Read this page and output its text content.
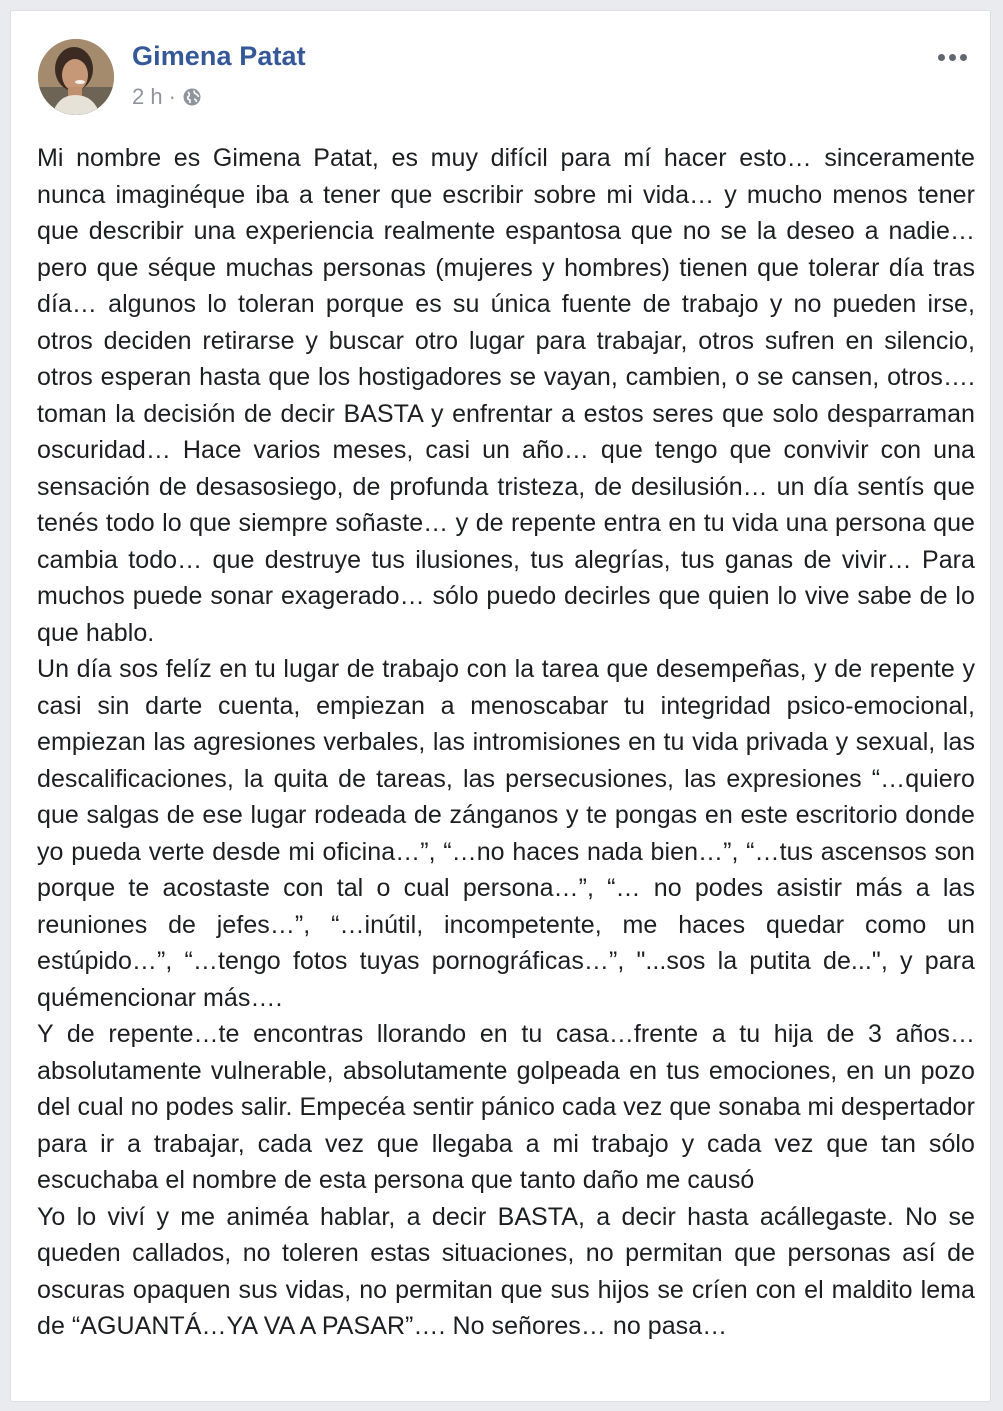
Gimena Patat
2 h ·

Mi nombre es Gimena Patat, es muy difícil para mí hacer esto… sinceramente nunca imaginéque iba a tener que escribir sobre mi vida… y mucho menos tener que describir una experiencia realmente espantosa que no se la deseo a nadie… pero que séque muchas personas (mujeres y hombres) tienen que tolerar día tras día… algunos lo toleran porque es su única fuente de trabajo y no pueden irse, otros deciden retirarse y buscar otro lugar para trabajar, otros sufren en silencio, otros esperan hasta que los hostigadores se vayan, cambien, o se cansen, otros…. toman la decisión de decir BASTA y enfrentar a estos seres que solo desparraman oscuridad… Hace varios meses, casi un año… que tengo que convivir con una sensación de desasosiego, de profunda tristeza, de desilusión… un día sentís que tenés todo lo que siempre soñaste… y de repente entra en tu vida una persona que cambia todo… que destruye tus ilusiones, tus alegrías, tus ganas de vivir… Para muchos puede sonar exagerado… sólo puedo decirles que quien lo vive sabe de lo que hablo.

Un día sos felíz en tu lugar de trabajo con la tarea que desempeñas, y de repente y casi sin darte cuenta, empiezan a menoscabar tu integridad psico-emocional, empiezan las agresiones verbales, las intromisiones en tu vida privada y sexual, las descalificaciones, la quita de tareas, las persecusiones, las expresiones “…quiero que salgas de ese lugar rodeada de zánganos y te pongas en este escritorio donde yo pueda verte desde mi oficina…”, “…no haces nada bien…”, “…tus ascensos son porque te acostaste con tal o cual persona…”, “… no podes asistir más a las reuniones de jefes…”, “…inútil, incompetente, me haces quedar como un estúpido…”, “…tengo fotos tuyas pornográficas…”, "...sos la putita de...", y para quémencionar más….

Y de repente…te encontras llorando en tu casa…frente a tu hija de 3 años… absolutamente vulnerable, absolutamente golpeada en tus emociones, en un pozo del cual no podes salir. Empecéa sentir pánico cada vez que sonaba mi despertador para ir a trabajar, cada vez que llegaba a mi trabajo y cada vez que tan sólo escuchaba el nombre de esta persona que tanto daño me causó

Yo lo viví y me animéa hablar, a decir BASTA, a decir hasta acállegaste. No se queden callados, no toleren estas situaciones, no permitan que personas así de oscuras opaquen sus vidas, no permitan que sus hijos se críen con el maldito lema de “AGUANTÁ…YA VA A PASAR”…. No señores… no pasa…
